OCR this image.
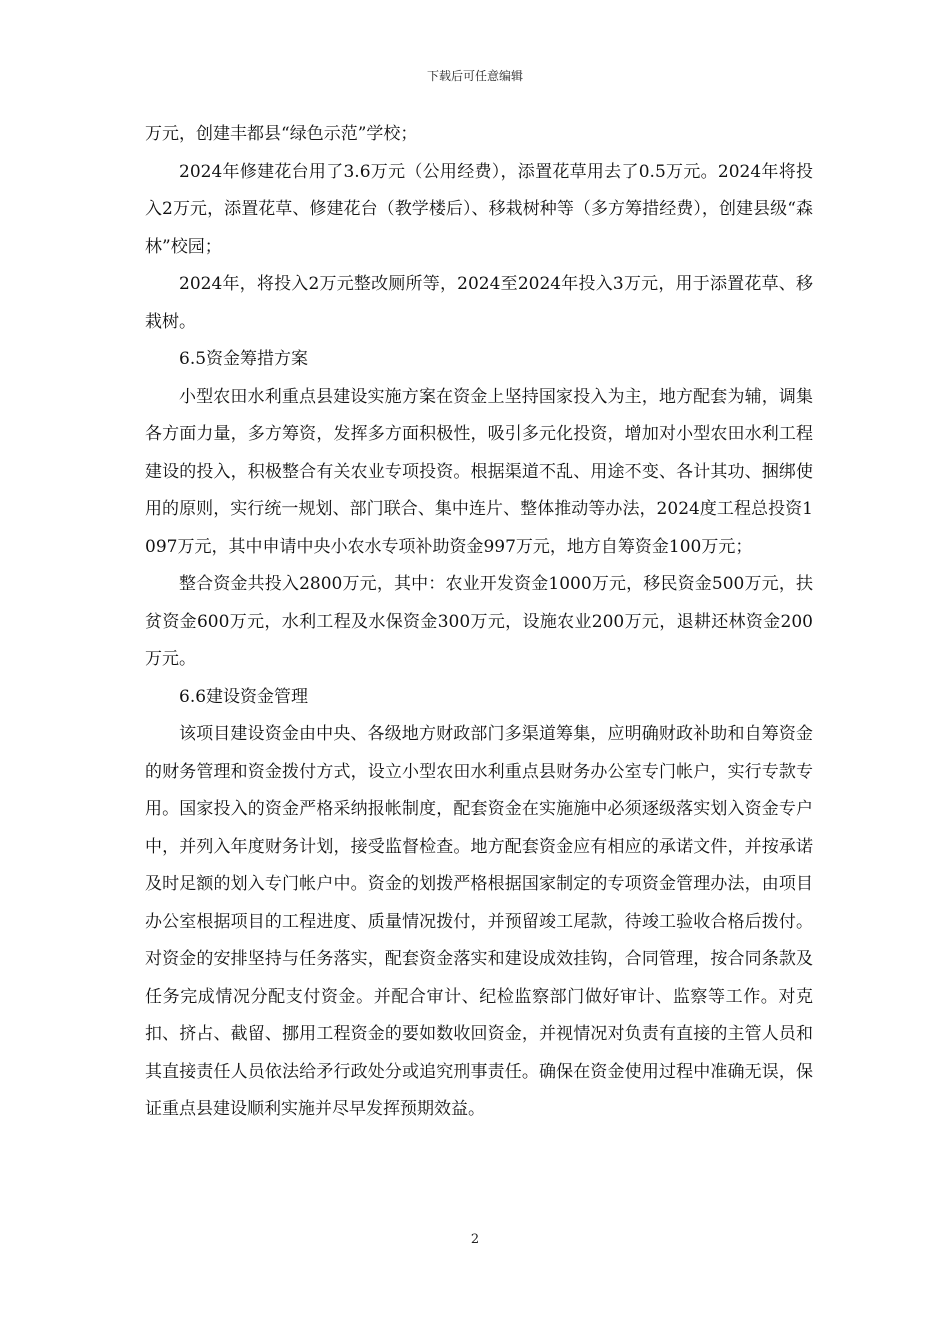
下载后可任意编辑

万元，创建丰都县“绿色示范”学校；

2024年修建花台用了3.6万元（公用经费），添置花草用去了0.5万元。2024年将投入2万元，添置花草、修建花台（教学楼后）、移栽树种等（多方筹措经费），创建县级“森林”校园；

2024年，将投入2万元整改厕所等，2024至2024年投入3万元，用于添置花草、移栽树。

6.5资金筹措方案

小型农田水利重点县建设实施方案在资金上坚持国家投入为主，地方配套为辅，调集各方面力量，多方筹资，发挥多方面积极性，吸引多元化投资，增加对小型农田水利工程建设的投入，积极整合有关农业专项投资。根据渠道不乱、用途不变、各计其功、捆绑使用的原则，实行统一规划、部门联合、集中连片、整体推动等办法，2024度工程总投资1097万元，其中申请中央小农水专项补助资金997万元，地方自筹资金100万元；

整合资金共投入2800万元，其中：农业开发资金1000万元，移民资金500万元，扶贫资金600万元，水利工程及水保资金300万元，设施农业200万元，退耕还林资金200万元。

6.6建设资金管理

该项目建设资金由中央、各级地方财政部门多渠道筹集，应明确财政补助和自筹资金的财务管理和资金拨付方式，设立小型农田水利重点县财务办公室专门帐户，实行专款专用。国家投入的资金严格采纳报帐制度，配套资金在实施施中必须逐级落实划入资金专户中，并列入年度财务计划，接受监督检查。地方配套资金应有相应的承诺文件，并按承诺及时足额的划入专门帐户中。资金的划拨严格根据国家制定的专项资金管理办法，由项目办公室根据项目的工程进度、质量情况拨付，并预留竣工尾款，待竣工验收合格后拨付。对资金的安排坚持与任务落实，配套资金落实和建设成效挂钩，合同管理，按合同条款及任务完成情况分配支付资金。并配合审计、纪检监察部门做好审计、监察等工作。对克扣、挤占、截留、挪用工程资金的要如数收回资金，并视情况对负责有直接的主管人员和其直接责任人员依法给矛行政处分或追究刑事责任。确保在资金使用过程中准确无误，保证重点县建设顺利实施并尽早发挥预期效益。

2
